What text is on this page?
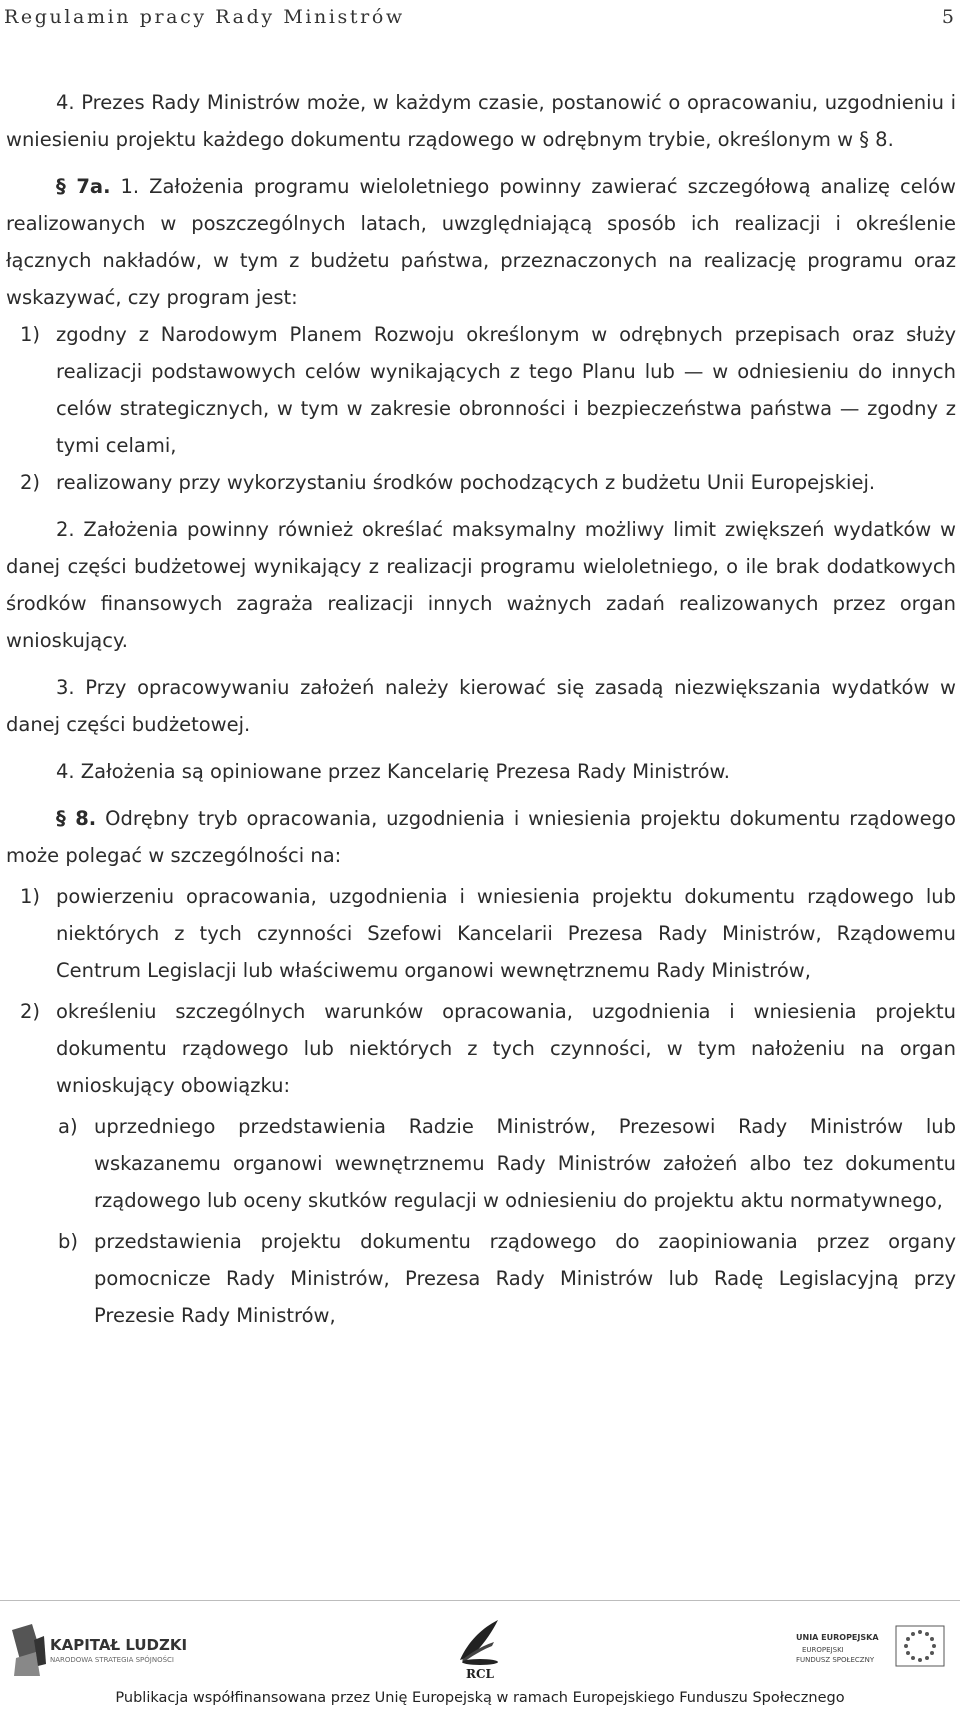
Regulamin pracy Rady Ministrów	5

4. Prezes Rady Ministrów może, w każdym czasie, postanowić o opracowaniu, uzgodnieniu i wniesieniu projektu każdego dokumentu rządowego w odrębnym trybie, określonym w § 8.

§ 7a. 1. Założenia programu wieloletniego powinny zawierać szczegółową analizę celów realizowanych w poszczególnych latach, uwzględniającą sposób ich realizacji i określenie łącznych nakładów, w tym z budżetu państwa, przeznaczonych na realizację programu oraz wskazywać, czy program jest:

1) zgodny z Narodowym Planem Rozwoju określonym w odrębnych przepisach oraz służy realizacji podstawowych celów wynikających z tego Planu lub — w odniesieniu do innych celów strategicznych, w tym w zakresie obronności i bezpieczeństwa państwa — zgodny z tymi celami,
2) realizowany przy wykorzystaniu środków pochodzących z budżetu Unii Europejskiej.

2. Założenia powinny również określać maksymalny możliwy limit zwiększeń wydatków w danej części budżetowej wynikający z realizacji programu wieloletniego, o ile brak dodatkowych środków finansowych zagraża realizacji innych ważnych zadań realizowanych przez organ wnioskujący.

3. Przy opracowywaniu założeń należy kierować się zasadą niezwiększania wydatków w danej części budżetowej.

4. Założenia są opiniowane przez Kancelarię Prezesa Rady Ministrów.

§ 8. Odrębny tryb opracowania, uzgodnienia i wniesienia projektu dokumentu rządowego może polegać w szczególności na:

1) powierzeniu opracowania, uzgodnienia i wniesienia projektu dokumentu rządowego lub niektórych z tych czynności Szefowi Kancelarii Prezesa Rady Ministrów, Rządowemu Centrum Legislacji lub właściwemu organowi wewnętrznemu Rady Ministrów,
2) określeniu szczególnych warunków opracowania, uzgodnienia i wniesienia projektu dokumentu rządowego lub niektórych z tych czynności, w tym nałożeniu na organ wnioskujący obowiązku:
a) uprzedniego przedstawienia Radzie Ministrów, Prezesowi Rady Ministrów lub wskazanemu organowi wewnętrznemu Rady Ministrów założeń albo tez dokumentu rządowego lub oceny skutków regulacji w odniesieniu do projektu aktu normatywnego,
b) przedstawienia projektu dokumentu rządowego do zaopiniowania przez organy pomocnicze Rady Ministrów, Prezesa Rady Ministrów lub Radę Legislacyjną przy Prezesie Rady Ministrów,
KAPITAŁ LUDZKI
NARODOWA STRATEGIA SPÓJNOŚCI
RCL
UNIA EUROPEJSKA
EUROPEJSKI
FUNDUSZ SPOŁECZNY
Publikacja współfinansowana przez Unię Europejską w ramach Europejskiego Funduszu Społecznego
